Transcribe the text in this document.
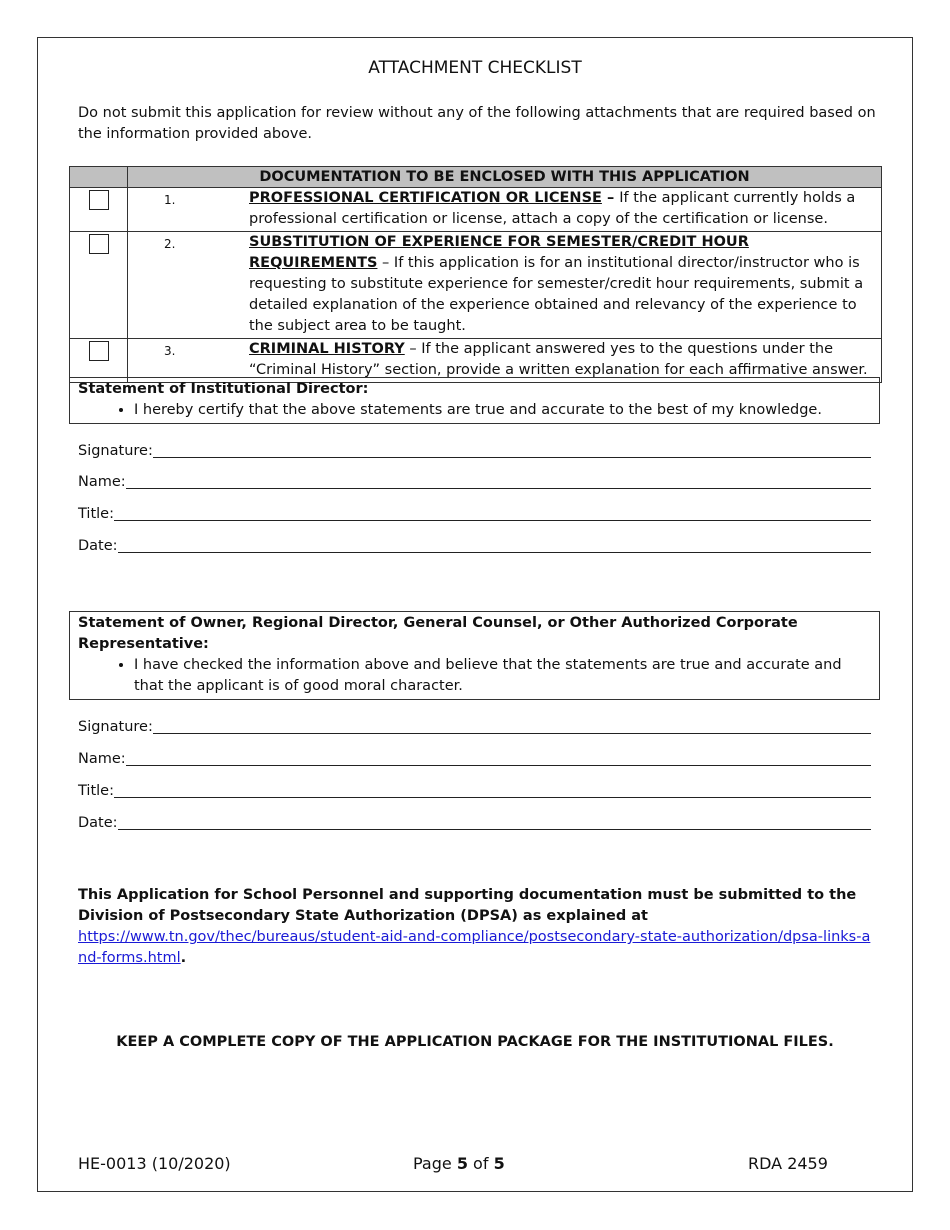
ATTACHMENT CHECKLIST
Do not submit this application for review without any of the following attachments that are required based on the information provided above.
	DOCUMENTATION TO BE ENCLOSED WITH THIS APPLICATION

	1. PROFESSIONAL CERTIFICATION OR LICENSE – If the applicant currently holds a professional certification or license, attach a copy of the certification or license.

	2. SUBSTITUTION OF EXPERIENCE FOR SEMESTER/CREDIT HOUR REQUIREMENTS – If this application is for an institutional director/instructor who is requesting to substitute experience for semester/credit hour requirements, submit a detailed explanation of the experience obtained and relevancy of the experience to the subject area to be taught.

	3. CRIMINAL HISTORY – If the applicant answered yes to the questions under the “Criminal History” section, provide a written explanation for each affirmative answer.
Statement of Institutional Director:
• I hereby certify that the above statements are true and accurate to the best of my knowledge.
Signature:
Name:
Title:
Date:
Statement of Owner, Regional Director, General Counsel, or Other Authorized Corporate Representative:
• I have checked the information above and believe that the statements are true and accurate and that the applicant is of good moral character.
Signature:
Name:
Title:
Date:
This Application for School Personnel and supporting documentation must be submitted to the Division of Postsecondary State Authorization (DPSA) as explained at
https://www.tn.gov/thec/bureaus/student-aid-and-compliance/postsecondary-state-authorization/dpsa-links-and-forms.html.
KEEP A COMPLETE COPY OF THE APPLICATION PACKAGE FOR THE INSTITUTIONAL FILES.
HE-0013 (10/2020)	Page 5 of 5	RDA 2459
